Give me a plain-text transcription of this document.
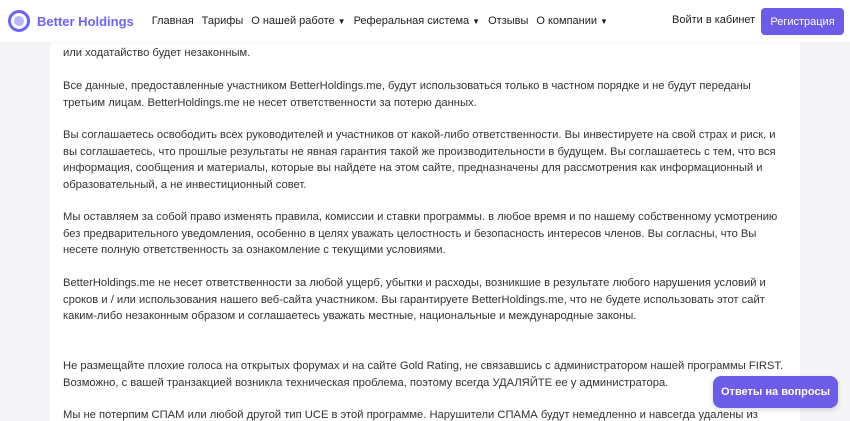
Better Holdings Главная Тарифы О нашей работе ▼ Реферальная система ▼ Отзывы О компании ▼	Войти в кабинет	Регистрация

или ходатайство будет незаконным.

Все данные, предоставленные участником BetterHoldings.me, будут использоваться только в частном порядке и не будут переданы третьим лицам. BetterHoldings.me не несет ответственности за потерю данных.

Вы соглашаетесь освободить всех руководителей и участников от какой-либо ответственности. Вы инвестируете на свой страх и риск, и вы соглашаетесь, что прошлые результаты не явная гарантия такой же производительности в будущем. Вы соглашаетесь с тем, что вся информация, сообщения и материалы, которые вы найдете на этом сайте, предназначены для рассмотрения как информационный и образовательный, а не инвестиционный совет.

Мы оставляем за собой право изменять правила, комиссии и ставки программы. в любое время и по нашему собственному усмотрению без предварительного уведомления, особенно в целях уважать целостность и безопасность интересов членов. Вы согласны, что Вы несете полную ответственность за ознакомление с текущими условиями.

BetterHoldings.me не несет ответственности за любой ущерб, убытки и расходы, возникшие в результате любого нарушения условий и сроков и / или использования нашего веб-сайта участником. Вы гарантируете BetterHoldings.me, что не будете использовать этот сайт каким-либо незаконным образом и соглашаетесь уважать местные, национальные и международные законы.

Не размещайте плохие голоса на открытых форумах и на сайте Gold Rating, не связавшись с администратором нашей программы FIRST. Возможно, с вашей транзакцией возникла техническая проблема, поэтому всегда УДАЛЯЙТЕ ее у администратора.

Мы не потерпим СПАМ или любой другой тип UCE в этой программе. Нарушители СПАМА будут немедленно и навсегда удалены из

Ответы на вопросы
